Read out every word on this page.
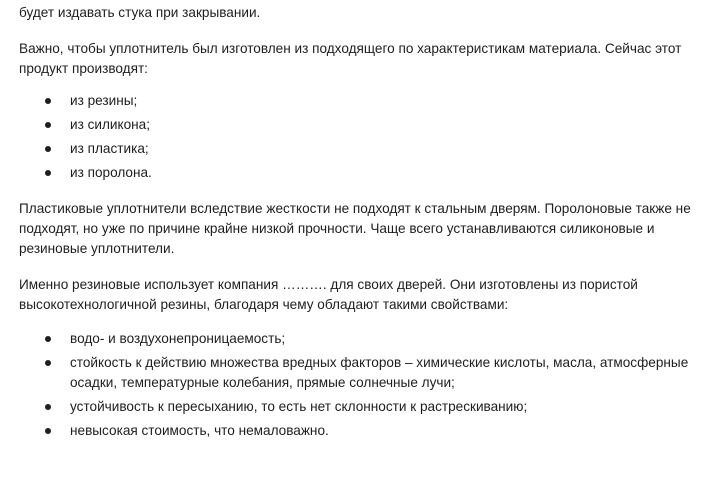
будет издавать стука при закрывании.

Важно, чтобы уплотнитель был изготовлен из подходящего по характеристикам материала. Сейчас этот продукт производят:

из резины;
из силикона;
из пластика;
из поролона.

Пластиковые уплотнители вследствие жесткости не подходят к стальным дверям. Поролоновые также не подходят, но уже по причине крайне низкой прочности. Чаще всего устанавливаются силиконовые и резиновые уплотнители.

Именно резиновые использует компания ………. для своих дверей. Они изготовлены из пористой высокотехнологичной резины, благодаря чему обладают такими свойствами:

водо- и воздухонепроницаемость;
стойкость к действию множества вредных факторов – химические кислоты, масла, атмосферные осадки, температурные колебания, прямые солнечные лучи;
устойчивость к пересыханию, то есть нет склонности к растрескиванию;
невысокая стоимость, что немаловажно.
